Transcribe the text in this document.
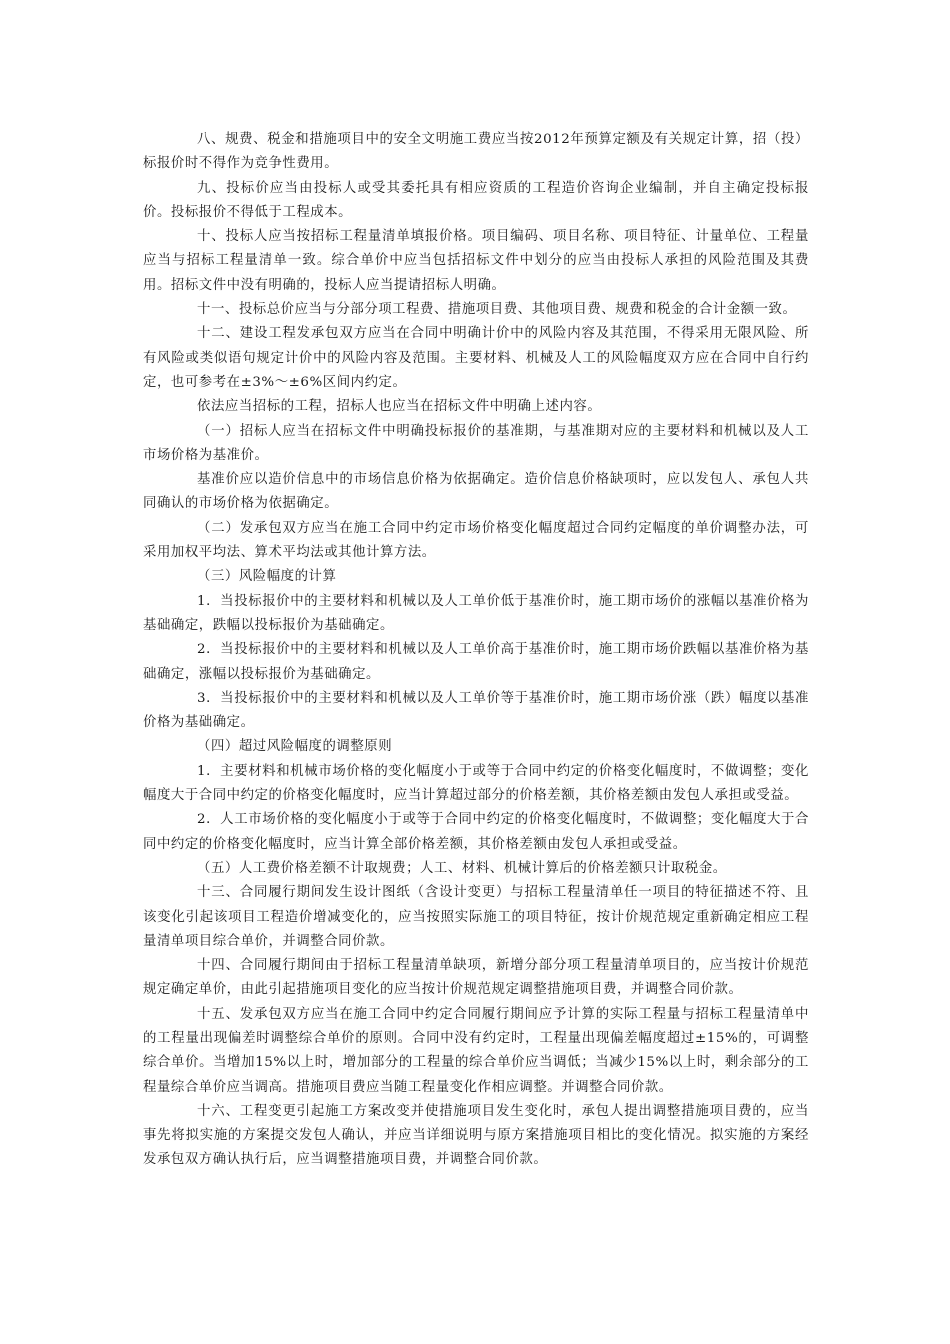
八、规费、税金和措施项目中的安全文明施工费应当按2012年预算定额及有关规定计算，招（投）标报价时不得作为竞争性费用。

九、投标价应当由投标人或受其委托具有相应资质的工程造价咨询企业编制，并自主确定投标报价。投标报价不得低于工程成本。

十、投标人应当按招标工程量清单填报价格。项目编码、项目名称、项目特征、计量单位、工程量应当与招标工程量清单一致。综合单价中应当包括招标文件中划分的应当由投标人承担的风险范围及其费用。招标文件中没有明确的，投标人应当提请招标人明确。

十一、投标总价应当与分部分项工程费、措施项目费、其他项目费、规费和税金的合计金额一致。

十二、建设工程发承包双方应当在合同中明确计价中的风险内容及其范围，不得采用无限风险、所有风险或类似语句规定计价中的风险内容及范围。主要材料、机械及人工的风险幅度双方应在合同中自行约定，也可参考在±3%～±6%区间内约定。

依法应当招标的工程，招标人也应当在招标文件中明确上述内容。

（一）招标人应当在招标文件中明确投标报价的基准期，与基准期对应的主要材料和机械以及人工市场价格为基准价。

基准价应以造价信息中的市场信息价格为依据确定。造价信息价格缺项时，应以发包人、承包人共同确认的市场价格为依据确定。

（二）发承包双方应当在施工合同中约定市场价格变化幅度超过合同约定幅度的单价调整办法，可采用加权平均法、算术平均法或其他计算方法。

（三）风险幅度的计算

1．当投标报价中的主要材料和机械以及人工单价低于基准价时，施工期市场价的涨幅以基准价格为基础确定，跌幅以投标报价为基础确定。

2．当投标报价中的主要材料和机械以及人工单价高于基准价时，施工期市场价跌幅以基准价格为基础确定，涨幅以投标报价为基础确定。

3．当投标报价中的主要材料和机械以及人工单价等于基准价时，施工期市场价涨（跌）幅度以基准价格为基础确定。

（四）超过风险幅度的调整原则

1．主要材料和机械市场价格的变化幅度小于或等于合同中约定的价格变化幅度时，不做调整；变化幅度大于合同中约定的价格变化幅度时，应当计算超过部分的价格差额，其价格差额由发包人承担或受益。

2．人工市场价格的变化幅度小于或等于合同中约定的价格变化幅度时，不做调整；变化幅度大于合同中约定的价格变化幅度时，应当计算全部价格差额，其价格差额由发包人承担或受益。

（五）人工费价格差额不计取规费；人工、材料、机械计算后的价格差额只计取税金。

十三、合同履行期间发生设计图纸（含设计变更）与招标工程量清单任一项目的特征描述不符、且该变化引起该项目工程造价增减变化的，应当按照实际施工的项目特征，按计价规范规定重新确定相应工程量清单项目综合单价，并调整合同价款。

十四、合同履行期间由于招标工程量清单缺项，新增分部分项工程量清单项目的，应当按计价规范规定确定单价，由此引起措施项目变化的应当按计价规范规定调整措施项目费，并调整合同价款。

十五、发承包双方应当在施工合同中约定合同履行期间应予计算的实际工程量与招标工程量清单中的工程量出现偏差时调整综合单价的原则。合同中没有约定时，工程量出现偏差幅度超过±15%的，可调整综合单价。当增加15%以上时，增加部分的工程量的综合单价应当调低；当减少15%以上时，剩余部分的工程量综合单价应当调高。措施项目费应当随工程量变化作相应调整。并调整合同价款。

十六、工程变更引起施工方案改变并使措施项目发生变化时，承包人提出调整措施项目费的，应当事先将拟实施的方案提交发包人确认，并应当详细说明与原方案措施项目相比的变化情况。拟实施的方案经发承包双方确认执行后，应当调整措施项目费，并调整合同价款。
